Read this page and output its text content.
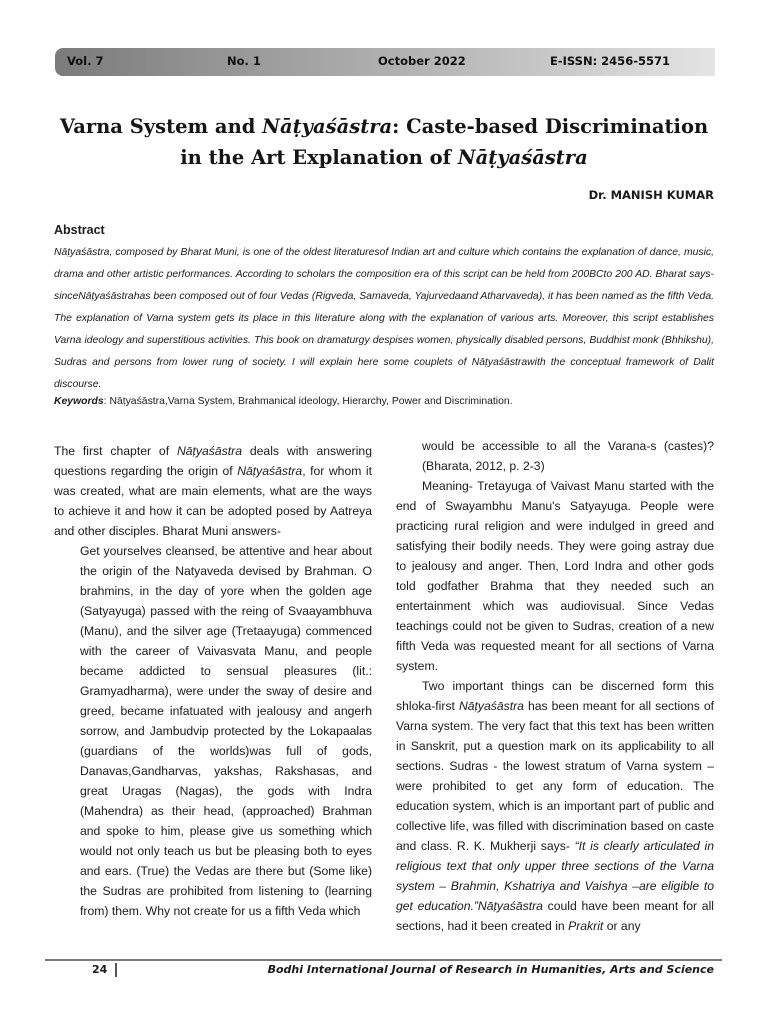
Vol. 7	No. 1	October 2022	E-ISSN: 2456-5571
Varna System and Nāṭyaśāstra: Caste-based Discrimination
in the Art Explanation of Nāṭyaśāstra
Dr. MANISH KUMAR
Abstract

Nāṭyaśāstra, composed by Bharat Muni, is one of the oldest literaturesof Indian art and culture which contains the explanation of dance, music, drama and other artistic performances. According to scholars the composition era of this script can be held from 200BCto 200 AD. Bharat says- sinceNāṭyaśāstrahas been composed out of four Vedas (Rigveda, Samaveda, Yajurvedaand Atharvaveda), it has been named as the fifth Veda. The explanation of Varna system gets its place in this literature along with the explanation of various arts. Moreover, this script establishes Varna ideology and superstitious activities. This book on dramaturgy despises women, physically disabled persons, Buddhist monk (Bhhikshu), Sudras and persons from lower rung of society. I will explain here some couplets of Nāṭyaśāstrawith the conceptual framework of Dalit discourse.

Keywords: Nāṭyaśāstra,Varna System, Brahmanical ideology, Hierarchy, Power and Discrimination.

The first chapter of Nāṭyaśāstra deals with answering questions regarding the origin of Nāṭyaśāstra, for whom it was created, what are main elements, what are the ways to achieve it and how it can be adopted posed by Aatreya and other disciples. Bharat Muni answers-

Get yourselves cleansed, be attentive and hear about the origin of the Natyaveda devised by Brahman. O brahmins, in the day of yore when the golden age (Satyayuga) passed with the reing of Svaayambhuva (Manu), and the silver age (Tretaayuga) commenced with the career of Vaivasvata Manu, and people became addicted to sensual pleasures (lit.: Gramyadharma), were under the sway of desire and greed, became infatuated with jealousy and angerh sorrow, and Jambudvip protected by the Lokapaalas (guardians of the worlds)was full of gods, Danavas,Gandharvas, yakshas, Rakshasas, and great Uragas (Nagas), the gods with Indra (Mahendra) as their head, (approached) Brahman and spoke to him, please give us something which would not only teach us but be pleasing both to eyes and ears. (True) the Vedas are there but (Some like) the Sudras are prohibited from listening to (learning from) them. Why not create for us a fifth Veda which

would be accessible to all the Varana-s (castes)? (Bharata, 2012, p. 2-3)

Meaning- Tretayuga of Vaivast Manu started with the end of Swayambhu Manu's Satyayuga. People were practicing rural religion and were indulged in greed and satisfying their bodily needs. They were going astray due to jealousy and anger. Then, Lord Indra and other gods told godfather Brahma that they needed such an entertainment which was audiovisual. Since Vedas teachings could not be given to Sudras, creation of a new fifth Veda was requested meant for all sections of Varna system.

Two important things can be discerned form this shloka-first Nāṭyaśāstra has been meant for all sections of Varna system. The very fact that this text has been written in Sanskrit, put a question mark on its applicability to all sections. Sudras - the lowest stratum of Varna system – were prohibited to get any form of education. The education system, which is an important part of public and collective life, was filled with discrimination based on caste and class. R. K. Mukherji says- “It is clearly articulated in religious text that only upper three sections of the Varna system – Brahmin, Kshatriya and Vaishya –are eligible to get education.”Nāṭyaśāstra could have been meant for all sections, had it been created in Prakrit or any

24	Bodhi International Journal of Research in Humanities, Arts and Science
